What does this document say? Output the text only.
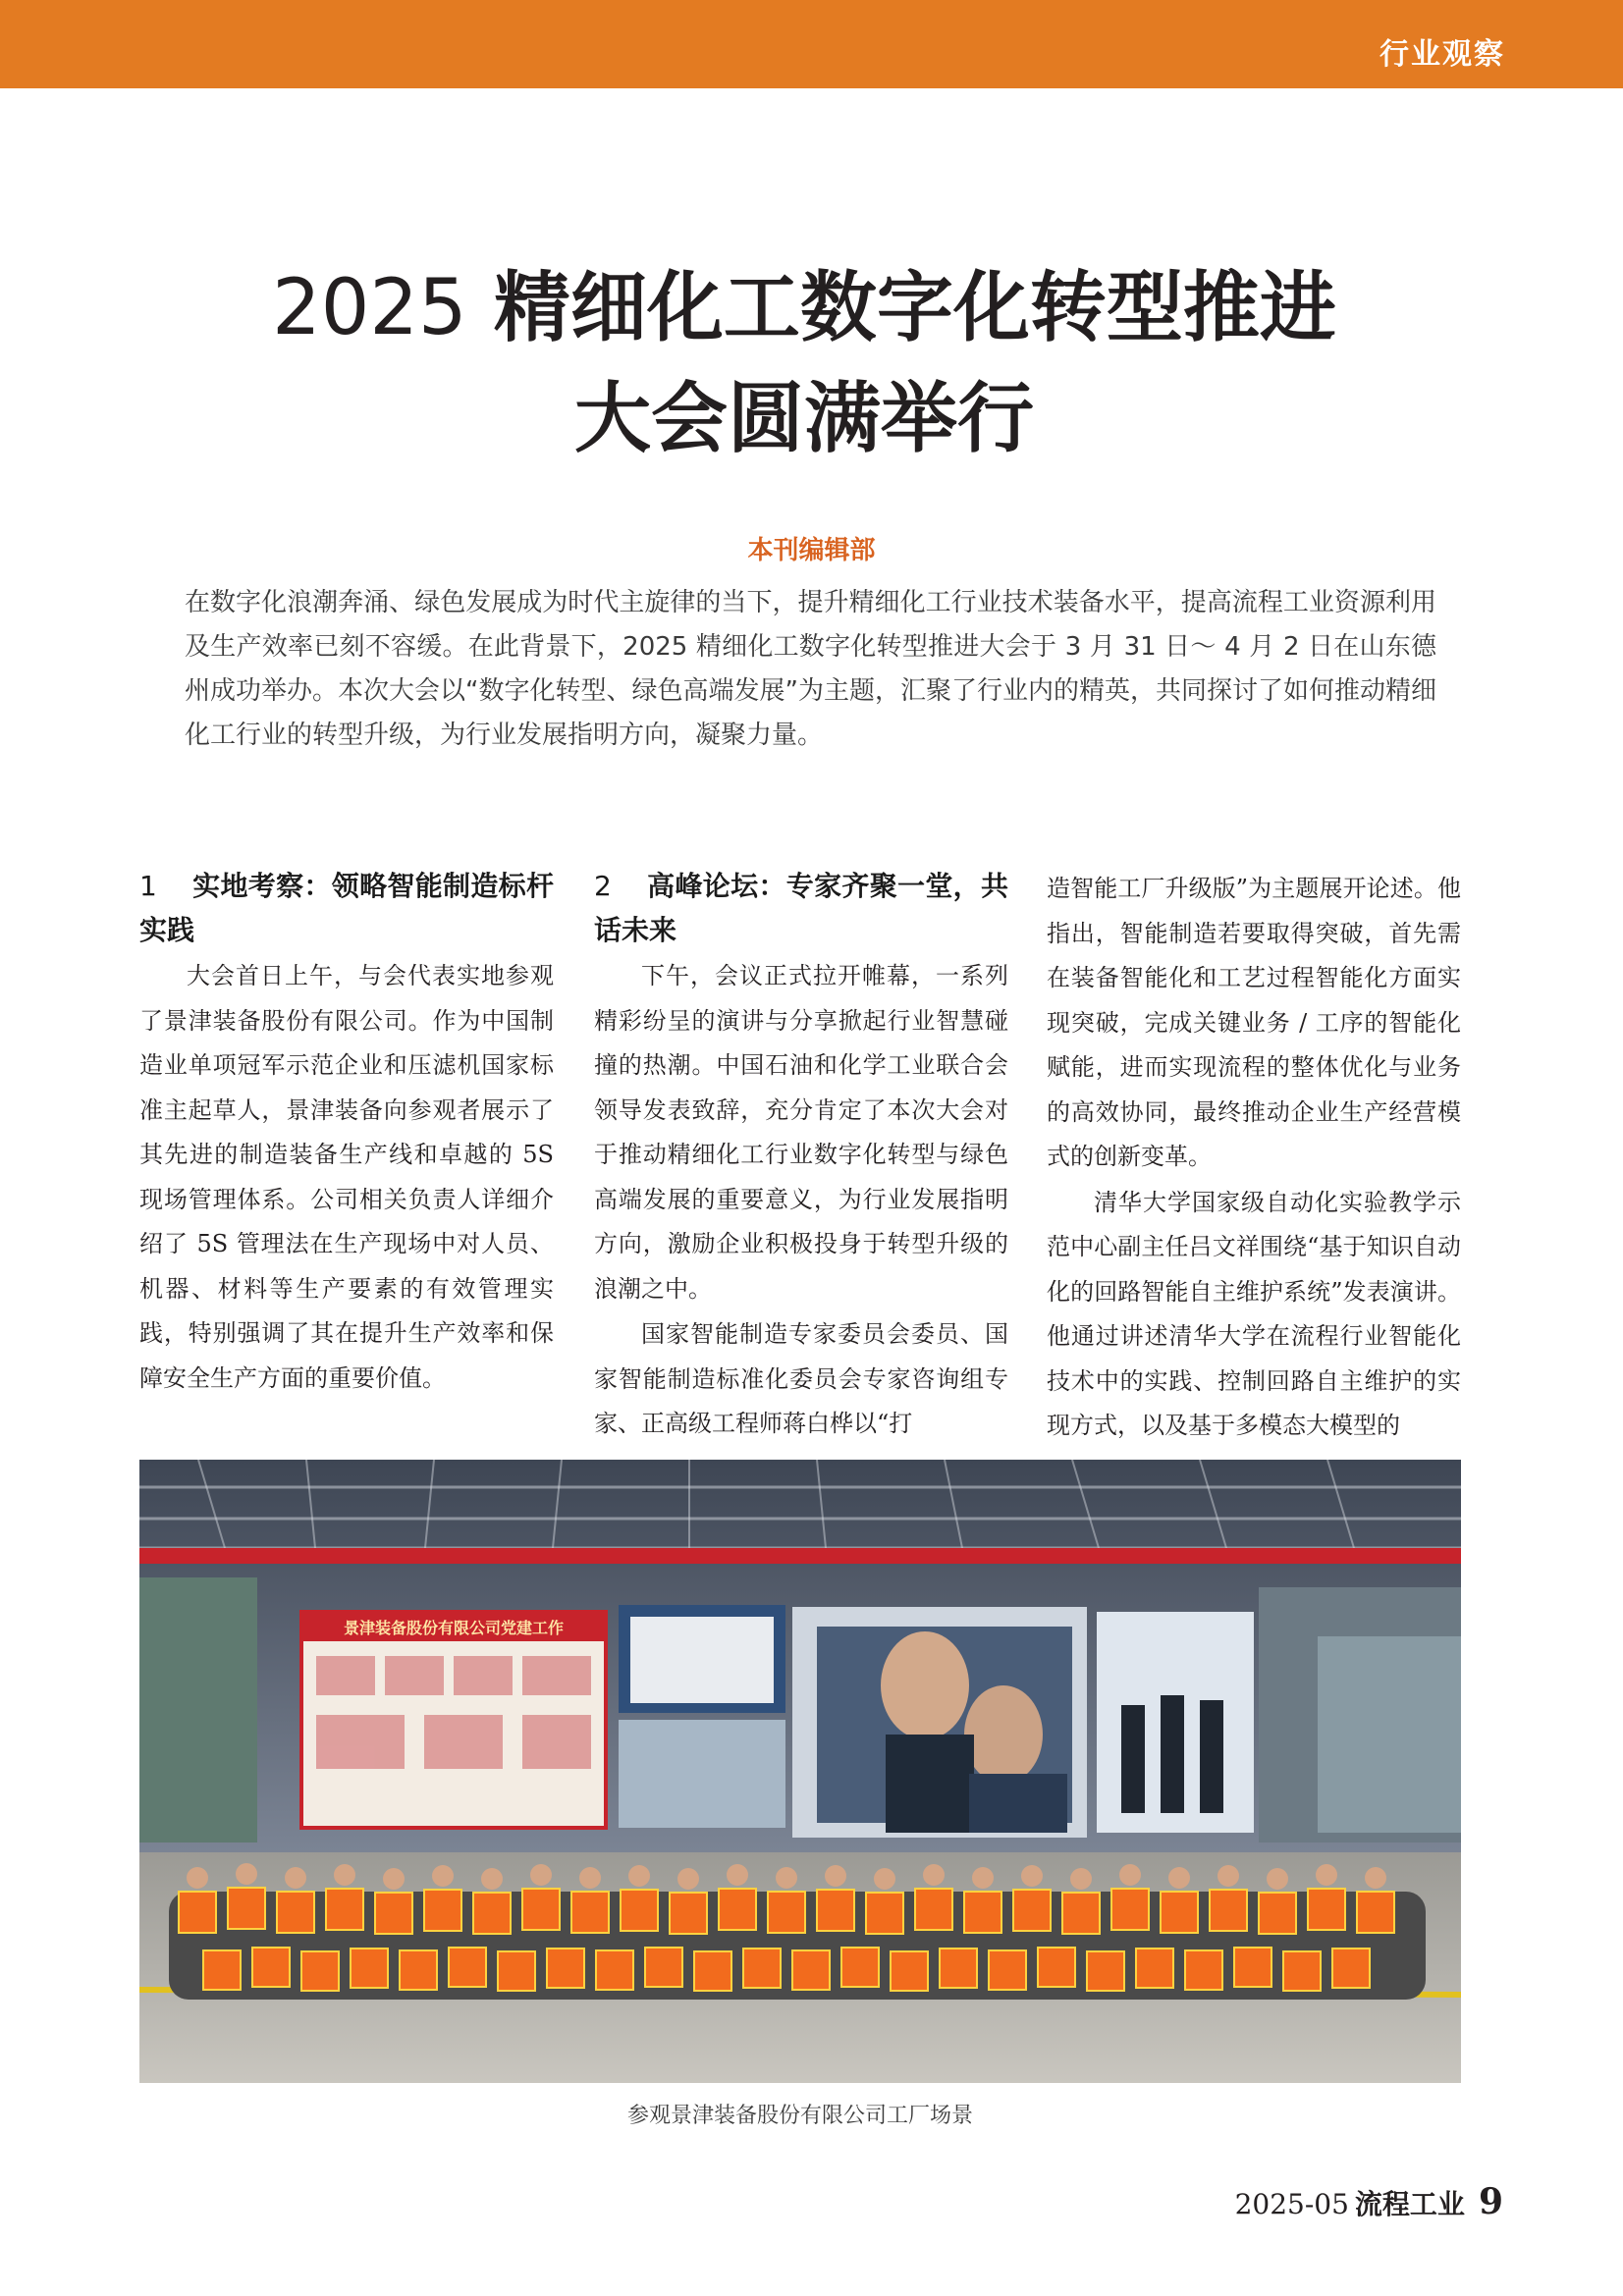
行业观察
2025 精细化工数字化转型推进
大会圆满举行
本刊编辑部

在数字化浪潮奔涌、绿色发展成为时代主旋律的当下，提升精细化工行业技术装备水平，提高流程工业资源利用及生产效率已刻不容缓。在此背景下，2025 精细化工数字化转型推进大会于 3 月 31 日～ 4 月 2 日在山东德州成功举办。本次大会以“数字化转型、绿色高端发展”为主题，汇聚了行业内的精英，共同探讨了如何推动精细化工行业的转型升级，为行业发展指明方向，凝聚力量。

1 实地考察：领略智能制造标杆实践

大会首日上午，与会代表实地参观了景津装备股份有限公司。作为中国制造业单项冠军示范企业和压滤机国家标准主起草人，景津装备向参观者展示了其先进的制造装备生产线和卓越的 5S 现场管理体系。公司相关负责人详细介绍了 5S 管理法在生产现场中对人员、机器、材料等生产要素的有效管理实践，特别强调了其在提升生产效率和保障安全生产方面的重要价值。

2 高峰论坛：专家齐聚一堂，共话未来

下午，会议正式拉开帷幕，一系列精彩纷呈的演讲与分享掀起行业智慧碰撞的热潮。中国石油和化学工业联合会领导发表致辞，充分肯定了本次大会对于推动精细化工行业数字化转型与绿色高端发展的重要意义，为行业发展指明方向，激励企业积极投身于转型升级的浪潮之中。

国家智能制造专家委员会委员、国家智能制造标准化委员会专家咨询组专家、正高级工程师蒋白桦以“打

造智能工厂升级版”为主题展开论述。他指出，智能制造若要取得突破，首先需在装备智能化和工艺过程智能化方面实现突破，完成关键业务 / 工序的智能化赋能，进而实现流程的整体优化与业务的高效协同，最终推动企业生产经营模式的创新变革。

清华大学国家级自动化实验教学示范中心副主任吕文祥围绕“基于知识自动化的回路智能自主维护系统”发表演讲。他通过讲述清华大学在流程行业智能化技术中的实践、控制回路自主维护的实现方式，以及基于多模态大模型的

景津装备股份有限公司党建工作
参观景津装备股份有限公司工厂场景
2025-05 流程工业 9
